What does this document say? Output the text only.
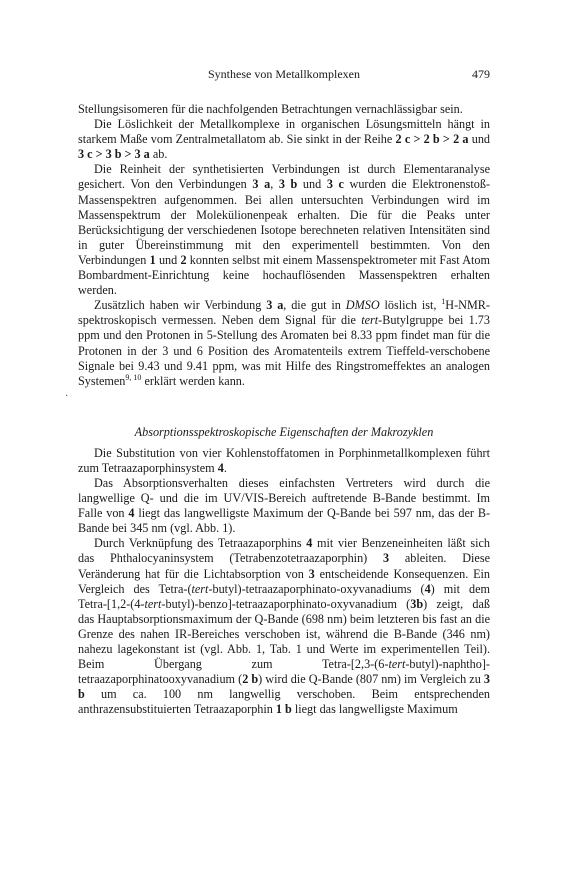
·
Synthese von Metallkomplexen	479

Stellungsisomeren für die nachfolgenden Betrachtungen vernachlässigbar sein.

Die Löslichkeit der Metallkomplexe in organischen Lösungsmitteln hängt in starkem Maße vom Zentralmetallatom ab. Sie sinkt in der Reihe 2 c > 2 b > 2 a und 3 c > 3 b > 3 a ab.

Die Reinheit der synthetisierten Verbindungen ist durch Elementaranalyse gesichert. Von den Verbindungen 3 a, 3 b und 3 c wurden die Elektronenstoß-Massenspektren aufgenommen. Bei allen untersuchten Verbindungen wird im Massenspektrum der Molekülionenpeak erhalten. Die für die Peaks unter Berücksichtigung der verschiedenen Isotope berechneten relativen Intensitäten sind in guter Übereinstimmung mit den experimentell bestimmten. Von den Verbindungen 1 und 2 konnten selbst mit einem Massenspektrometer mit Fast Atom Bombardment-Einrichtung keine hochauflösenden Massenspektren erhalten werden.

Zusätzlich haben wir Verbindung 3 a, die gut in DMSO löslich ist, $^1$H-NMR-spektroskopisch vermessen. Neben dem Signal für die tert-Butylgruppe bei 1.73 ppm und den Protonen in 5-Stellung des Aromaten bei 8.33 ppm findet man für die Protonen in der 3 und 6 Position des Aromatenteils extrem Tieffeld-verschobene Signale bei 9.43 und 9.41 ppm, was mit Hilfe des Ringstromeffektes an analogen Systemen$^{9, 10}$ erklärt werden kann.

Absorptionsspektroskopische Eigenschaften der Makrozyklen

Die Substitution von vier Kohlenstoffatomen in Porphinmetallkomplexen führt zum Tetraazaporphinsystem 4.

Das Absorptionsverhalten dieses einfachsten Vertreters wird durch die langwellige Q- und die im UV/VIS-Bereich auftretende B-Bande bestimmt. Im Falle von 4 liegt das langwelligste Maximum der Q-Bande bei 597 nm, das der B-Bande bei 345 nm (vgl. Abb. 1).

Durch Verknüpfung des Tetraazaporphins 4 mit vier Benzeneinheiten läßt sich das Phthalocyaninsystem (Tetrabenzotetraazaporphin) 3 ableiten. Diese Veränderung hat für die Lichtabsorption von 3 entscheidende Konsequenzen. Ein Vergleich des Tetra-(tert-butyl)-tetraazaporphinato-oxyvanadiums (4) mit dem Tetra-[1,2-(4-tert-butyl)-benzo]-tetraazaporphinato-oxyvanadium (3b) zeigt, daß das Hauptabsorptionsmaximum der Q-Bande (698 nm) beim letzteren bis fast an die Grenze des nahen IR-Bereiches verschoben ist, während die B-Bande (346 nm) nahezu lagekonstant ist (vgl. Abb. 1, Tab. 1 und Werte im experimentellen Teil). Beim Übergang zum Tetra-[2,3-(6-tert-butyl)-naphtho]-tetraazaporphinatooxyvanadium (2 b) wird die Q-Bande (807 nm) im Vergleich zu 3 b um ca. 100 nm langwellig verschoben. Beim entsprechenden anthrazensubstituierten Tetraazaporphin 1 b liegt das langwelligste Maximum
